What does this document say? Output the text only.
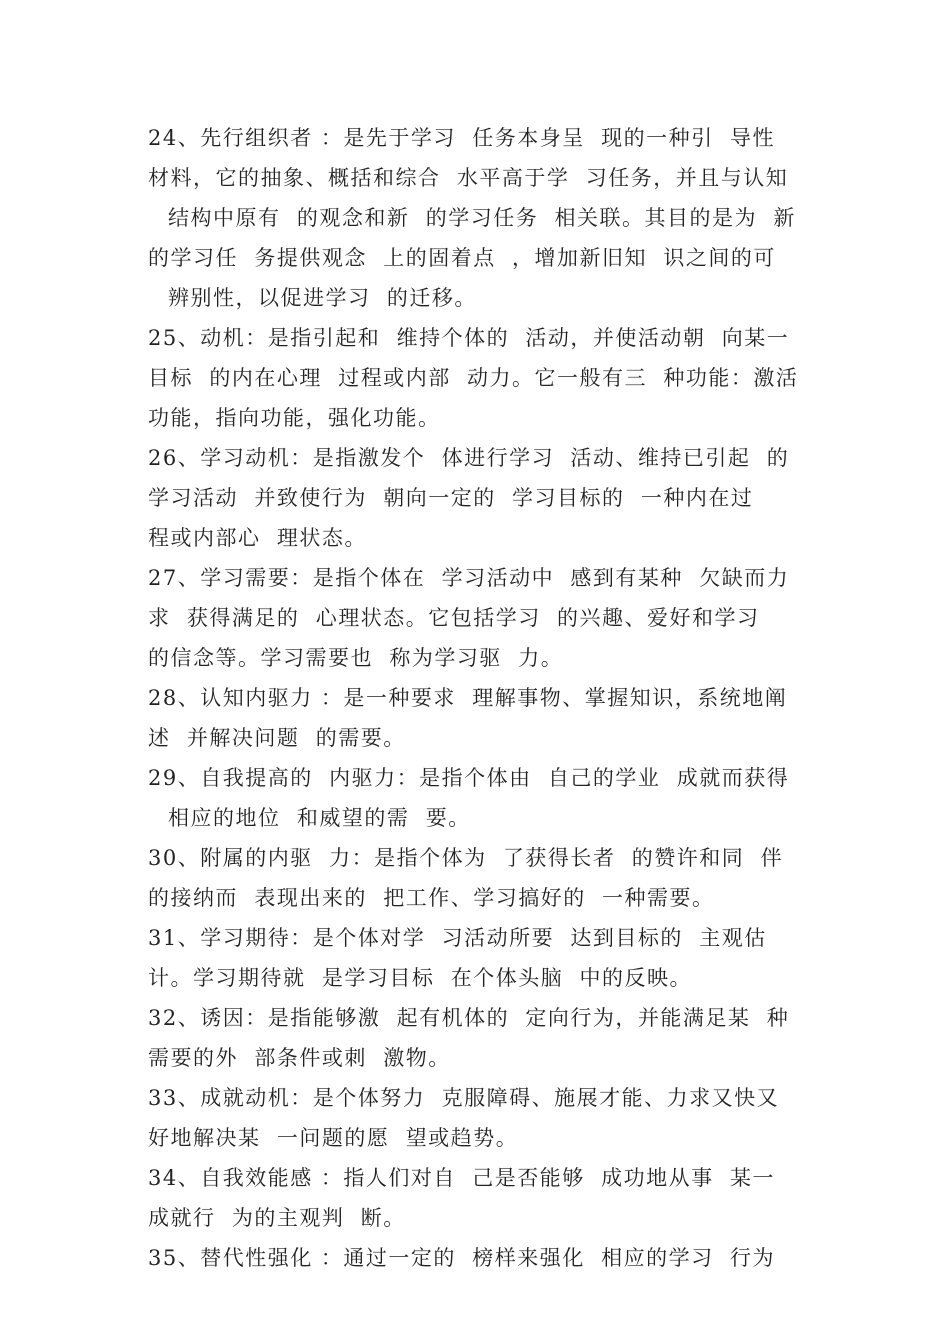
24、先行组织者 ：是先于学习  任务本身呈  现的一种引  导性
材料，它的抽象、概括和综合  水平高于学  习任务，并且与认知
结构中原有  的观念和新  的学习任务  相关联。其目的是为  新
的学习任  务提供观念  上的固着点  ，增加新旧知  识之间的可
辨别性，以促进学习  的迁移。
25、动机：是指引起和  维持个体的  活动，并使活动朝  向某一
目标  的内在心理  过程或内部  动力。它一般有三  种功能：激活
功能，指向功能，强化功能。
26、学习动机：是指激发个  体进行学习  活动、维持已引起  的
学习活动  并致使行为  朝向一定的  学习目标的  一种内在过
程或内部心  理状态。
27、学习需要：是指个体在  学习活动中  感到有某种  欠缺而力
求  获得满足的  心理状态。它包括学习  的兴趣、爱好和学习
的信念等。学习需要也  称为学习驱  力。
28、认知内驱力 ：是一种要求  理解事物、掌握知识，系统地阐
述  并解决问题  的需要。
29、自我提高的  内驱力：是指个体由  自己的学业  成就而获得
相应的地位  和威望的需  要。
30、附属的内驱  力：是指个体为  了获得长者  的赞许和同  伴
的接纳而  表现出来的  把工作、学习搞好的  一种需要。
31、学习期待：是个体对学  习活动所要  达到目标的  主观估
计。学习期待就  是学习目标  在个体头脑  中的反映。
32、诱因：是指能够激  起有机体的  定向行为，并能满足某  种
需要的外  部条件或刺  激物。
33、成就动机：是个体努力  克服障碍、施展才能、力求又快又
好地解决某  一问题的愿  望或趋势。
34、自我效能感 ：指人们对自  己是否能够  成功地从事  某一
成就行  为的主观判  断。
35、替代性强化 ：通过一定的  榜样来强化  相应的学习  行为
